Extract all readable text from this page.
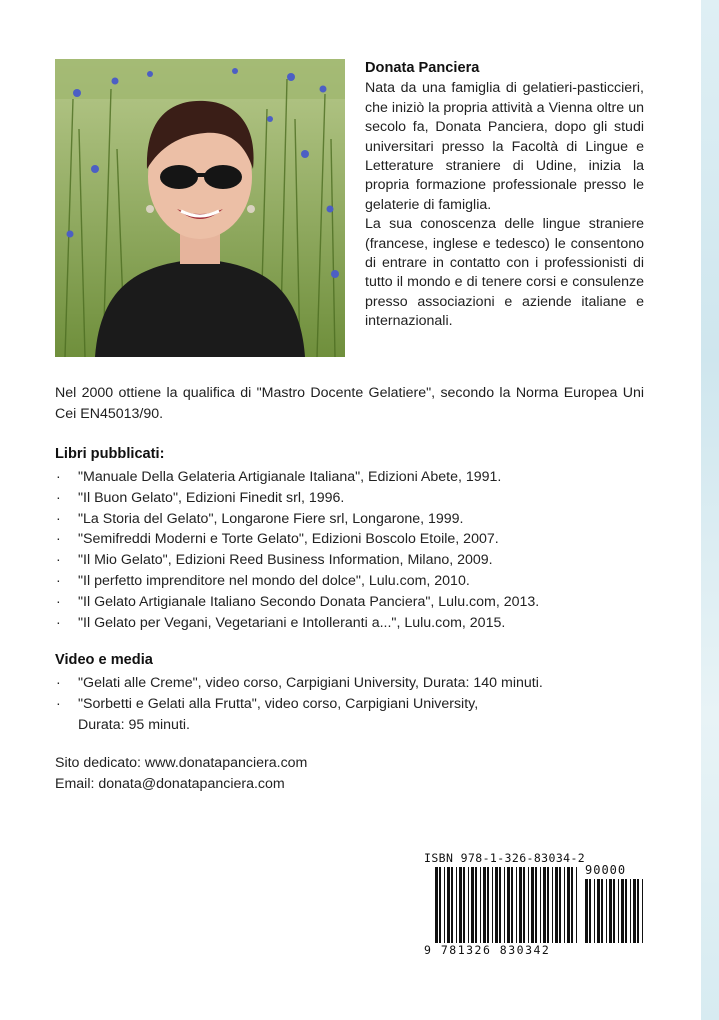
Donata Panciera

Nata da una famiglia di gelatieri-pasticcieri, che iniziò la propria attività a Vienna oltre un secolo fa, Donata Panciera, dopo gli studi universitari presso la Facoltà di Lingue e Letterature straniere di Udine, inizia la propria formazione professionale presso le gelaterie di famiglia.

La sua conoscenza delle lingue straniere (francese, inglese e tedesco) le consentono di entrare in contatto con i professionisti di tutto il mondo e di tenere corsi e consulenze presso associazioni e aziende italiane e internazionali.

Nel 2000 ottiene la qualifica di "Mastro Docente Gelatiere", secondo la Norma Europea Uni Cei EN45013/90.

Libri pubblicati:

· "Manuale Della Gelateria Artigianale Italiana", Edizioni Abete, 1991.
· "Il Buon Gelato", Edizioni Finedit srl, 1996.
· "La Storia del Gelato", Longarone Fiere srl, Longarone, 1999.
· "Semifreddi Moderni e Torte Gelato", Edizioni Boscolo Etoile, 2007.
· "Il Mio Gelato", Edizioni Reed Business Information, Milano, 2009.
· "Il perfetto imprenditore nel mondo del dolce", Lulu.com, 2010.
· "Il Gelato Artigianale Italiano Secondo Donata Panciera", Lulu.com, 2013.
· "Il Gelato per Vegani, Vegetariani e Intolleranti a...", Lulu.com, 2015.

Video e media

· "Gelati alle Creme", video corso, Carpigiani University, Durata: 140 minuti.
· "Sorbetti e Gelati alla Frutta", video corso, Carpigiani University,
Durata: 95 minuti.

Sito dedicato: www.donatapanciera.com

Email: donata@donatapanciera.com

ISBN 978-1-326-83034-2
90000
9 781326 830342
